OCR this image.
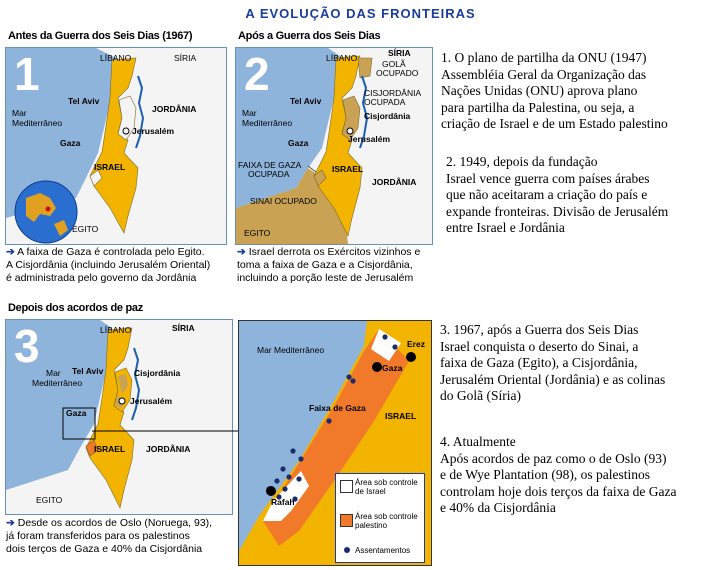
A EVOLUÇÃO DAS FRONTEIRAS
Antes da Guerra dos Seis Dias (1967)
1	LÍBANO	SÍRIA
Mar
Mediterrâneo
Tel Aviv
JORDÂNIA
Jerusalém
Gaza
ISRAEL
EGITO
➔ A faixa de Gaza é controlada pelo Egito.
A Cisjordânia (incluindo Jerusalém Oriental)
é administrada pelo governo da Jordânia
Após a Guerra dos Seis Dias
2	LÍBANO	SÍRIA
GOLÃ
OCUPADO
Mar
Mediterrâneo
Tel Aviv
CISJORDÂNIA
OCUPADA
Cisjordânia
Jerusalém
Gaza
FAIXA DE GAZA
OCUPADA	ISRAEL
JORDÂNIA
SINAI OCUPADO
EGITO
➔ Israel derrota os Exércitos vizinhos e
toma a faixa de Gaza e a Cisjordânia,
incluindo a porção leste de Jerusalém
Depois dos acordos de paz
3	LÍBANO	SÍRIA
Mar
Mediterrâneo
Tel Aviv	Cisjordânia
Jerusalém
Gaza
ISRAEL JORDÂNIA
EGITO
➔ Desde os acordos de Oslo (Noruega, 93),
já foram transferidos para os palestinos
dois terços de Gaza e 40% da Cisjordânia
Mar Mediterrâneo
Erez
Gaza
Faixa de Gaza
ISRAEL
Rafah
Área sob controle
de Israel
Área sob controle
palestino
Assentamentos
1. O plano de partilha da ONU (1947)
Assembléia Geral da Organização das
Nações Unidas (ONU) aprova plano
para partilha da Palestina, ou seja, a
criação de Israel e de um Estado palestino
2. 1949, depois da fundação
Israel vence guerra com países árabes
que não aceitaram a criação do país e
expande fronteiras. Divisão de Jerusalém
entre Israel e Jordânia
3. 1967, após a Guerra dos Seis Dias
Israel conquista o deserto do Sinai, a
faixa de Gaza (Egito), a Cisjordânia,
Jerusalém Oriental (Jordânia) e as colinas
do Golã (Síria)
4. Atualmente
Após acordos de paz como o de Oslo (93)
e de Wye Plantation (98), os palestinos
controlam hoje dois terços da faixa de Gaza
e 40% da Cisjordânia
